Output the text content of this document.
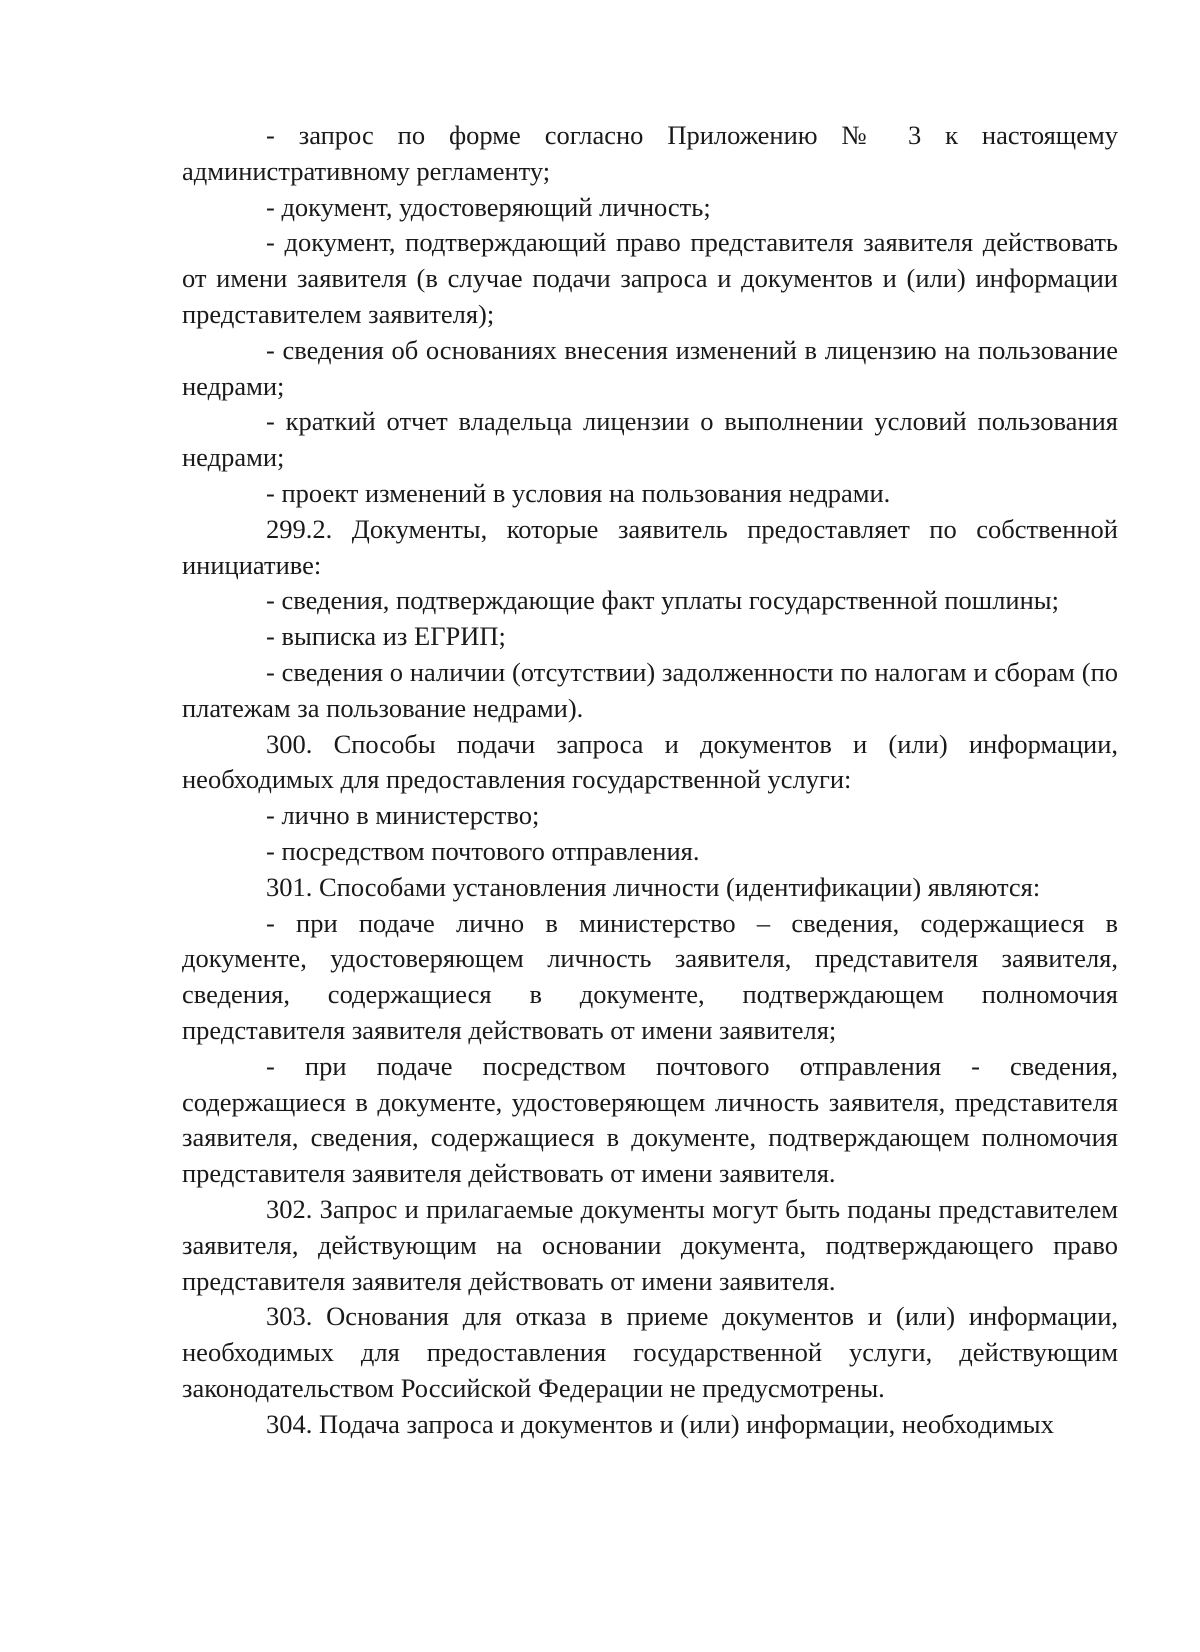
- запрос по форме согласно Приложению № 3 к настоящему административному регламенту;

- документ, удостоверяющий личность;

- документ, подтверждающий право представителя заявителя действовать от имени заявителя (в случае подачи запроса и документов и (или) информации представителем заявителя);

- сведения об основаниях внесения изменений в лицензию на пользование недрами;

- краткий отчет владельца лицензии о выполнении условий пользования недрами;

- проект изменений в условия на пользования недрами.

299.2. Документы, которые заявитель предоставляет по собственной инициативе:

- сведения, подтверждающие факт уплаты государственной пошлины;

- выписка из ЕГРИП;

- сведения о наличии (отсутствии) задолженности по налогам и сборам (по платежам за пользование недрами).

300. Способы подачи запроса и документов и (или) информации, необходимых для предоставления государственной услуги:

- лично в министерство;

- посредством почтового отправления.

301. Способами установления личности (идентификации) являются:

- при подаче лично в министерство – сведения, содержащиеся в документе, удостоверяющем личность заявителя, представителя заявителя, сведения, содержащиеся в документе, подтверждающем полномочия представителя заявителя действовать от имени заявителя;

- при подаче посредством почтового отправления - сведения, содержащиеся в документе, удостоверяющем личность заявителя, представителя заявителя, сведения, содержащиеся в документе, подтверждающем полномочия представителя заявителя действовать от имени заявителя.

302. Запрос и прилагаемые документы могут быть поданы представителем заявителя, действующим на основании документа, подтверждающего право представителя заявителя действовать от имени заявителя.

303. Основания для отказа в приеме документов и (или) информации, необходимых для предоставления государственной услуги, действующим законодательством Российской Федерации не предусмотрены.

304. Подача запроса и документов и (или) информации, необходимых
